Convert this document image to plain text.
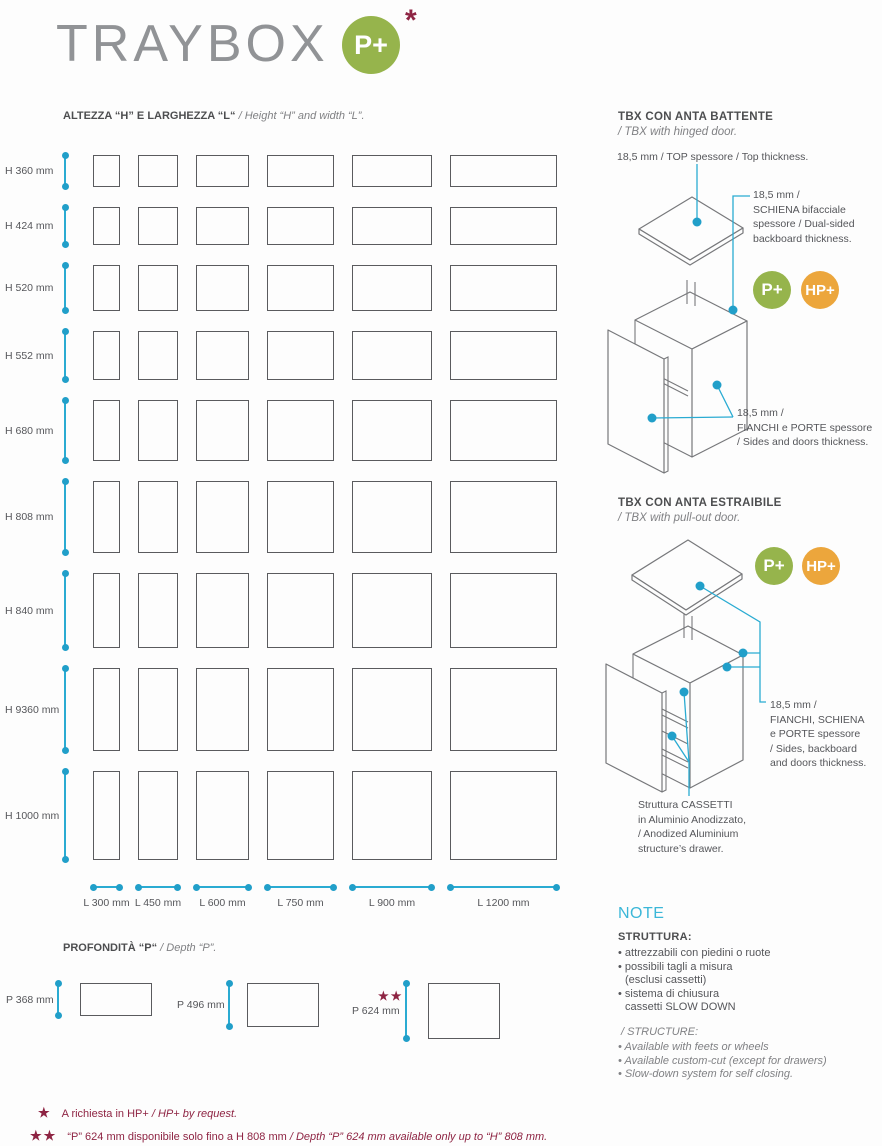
TRAYBOX P+
*
ALTEZZA “H” E LARGHEZZA “L“ / Height “H” and width “L”.
H 360 mm
H 424 mm
H 520 mm
H 552 mm
H 680 mm
H 808 mm
H 840 mm
H 9360 mm
H 1000 mm
L 300 mm L 450 mm	L 600 mm	L 750 mm	L 900 mm	L 1200 mm
PROFONDITÀ “P“ / Depth “P”.
P 368 mm	P 496 mm
★★
P 624 mm
TBX CON ANTA BATTENTE
/ TBX with hinged door.
18,5 mm / TOP spessore / Top thickness.
P+	HP+
18,5 mm /
SCHIENA bifacciale
spessore / Dual-sided
backboard thickness.
18,5 mm /
FIANCHI e PORTE spessore
/ Sides and doors thickness.
TBX CON ANTA ESTRAIBILE
/ TBX with pull-out door.
P+	HP+
18,5 mm /
FIANCHI, SCHIENA
e PORTE spessore
/ Sides, backboard
and doors thickness.
Struttura CASSETTI
in Aluminio Anodizzato,
/ Anodized Aluminium
structure’s drawer.
NOTE
STRUTTURA:
• attrezzabili con piedini o ruote
• possibili tagli a misura
(esclusi cassetti)
• sistema di chiusura
cassetti SLOW DOWN
/ STRUCTURE:
• Available with feets or wheels
• Available custom-cut (except for drawers)
• Slow-down system for self closing.
★ A richiesta in HP+ / HP+ by request.
★★ “P” 624 mm disponibile solo fino a H 808 mm / Depth “P” 624 mm available only up to “H” 808 mm.
